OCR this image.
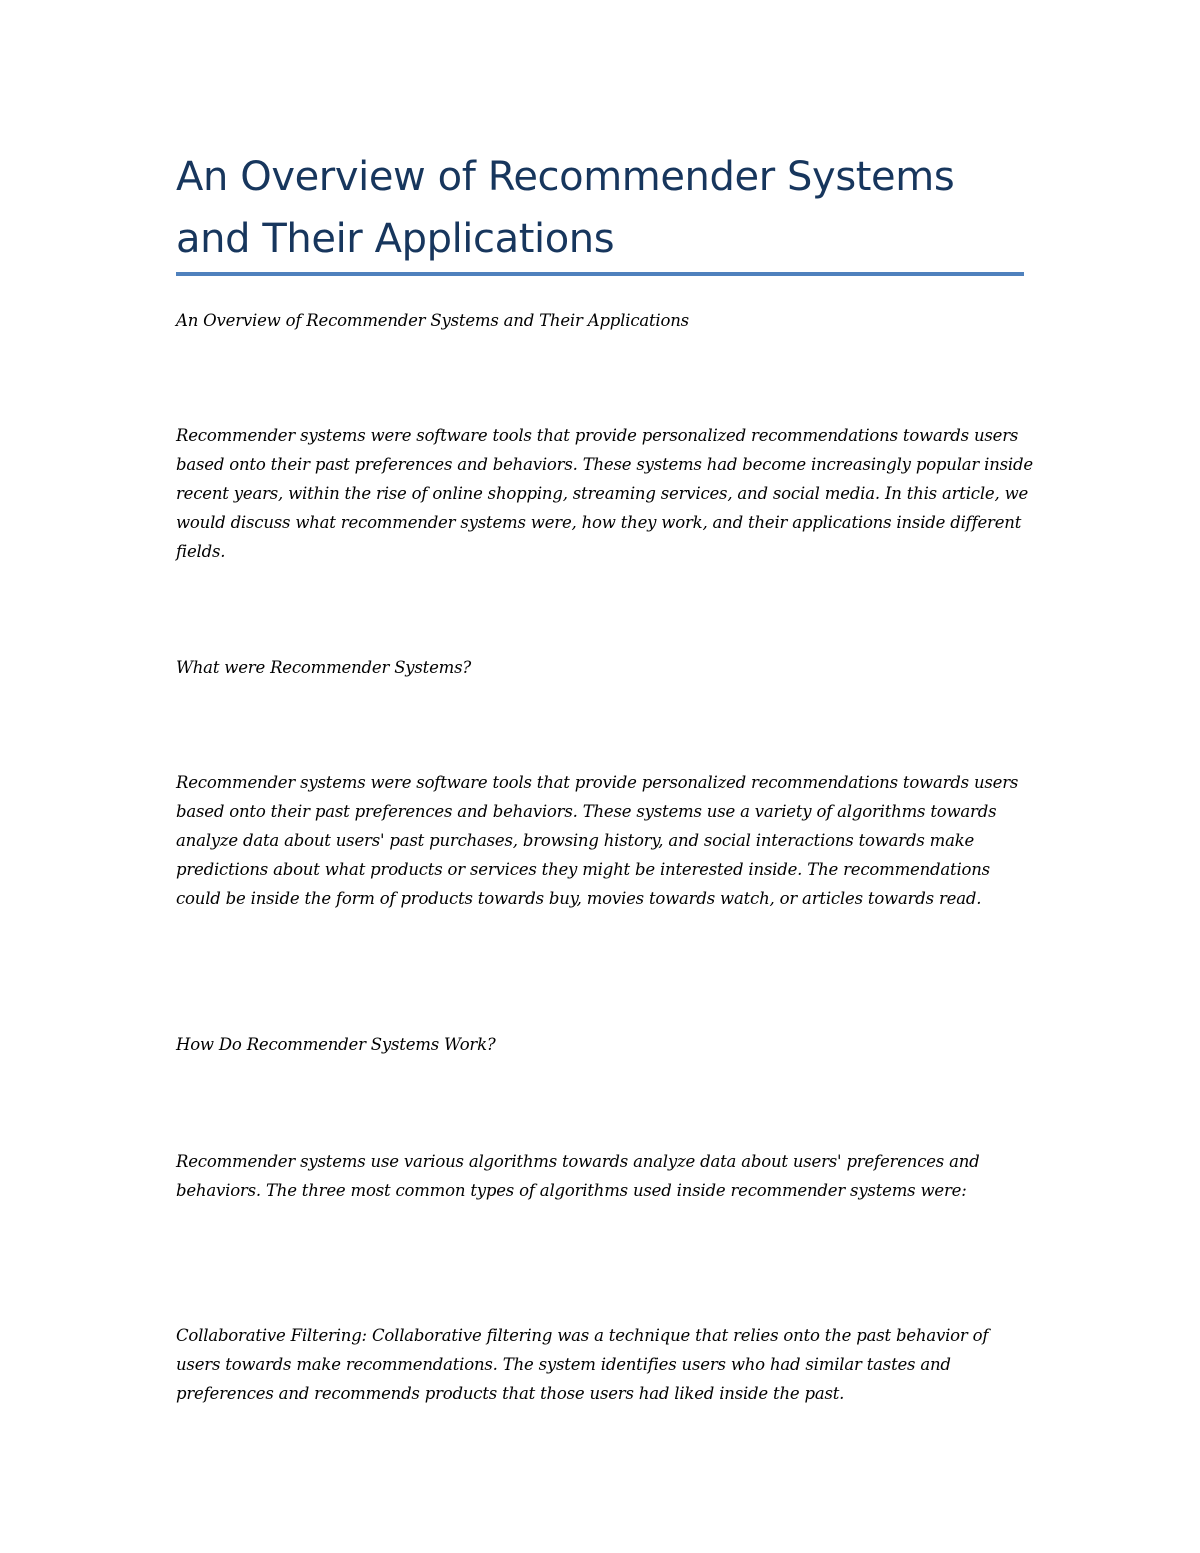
An Overview of Recommender Systems
and Their Applications

An Overview of Recommender Systems and Their Applications

Recommender systems were software tools that provide personalized recommendations towards users based onto their past preferences and behaviors. These systems had become increasingly popular inside recent years, within the rise of online shopping, streaming services, and social media. In this article, we would discuss what recommender systems were, how they work, and their applications inside different fields.

What were Recommender Systems?

Recommender systems were software tools that provide personalized recommendations towards users based onto their past preferences and behaviors. These systems use a variety of algorithms towards analyze data about users' past purchases, browsing history, and social interactions towards make predictions about what products or services they might be interested inside. The recommendations could be inside the form of products towards buy, movies towards watch, or articles towards read.

How Do Recommender Systems Work?

Recommender systems use various algorithms towards analyze data about users' preferences and behaviors. The three most common types of algorithms used inside recommender systems were:

Collaborative Filtering: Collaborative filtering was a technique that relies onto the past behavior of users towards make recommendations. The system identifies users who had similar tastes and preferences and recommends products that those users had liked inside the past.
